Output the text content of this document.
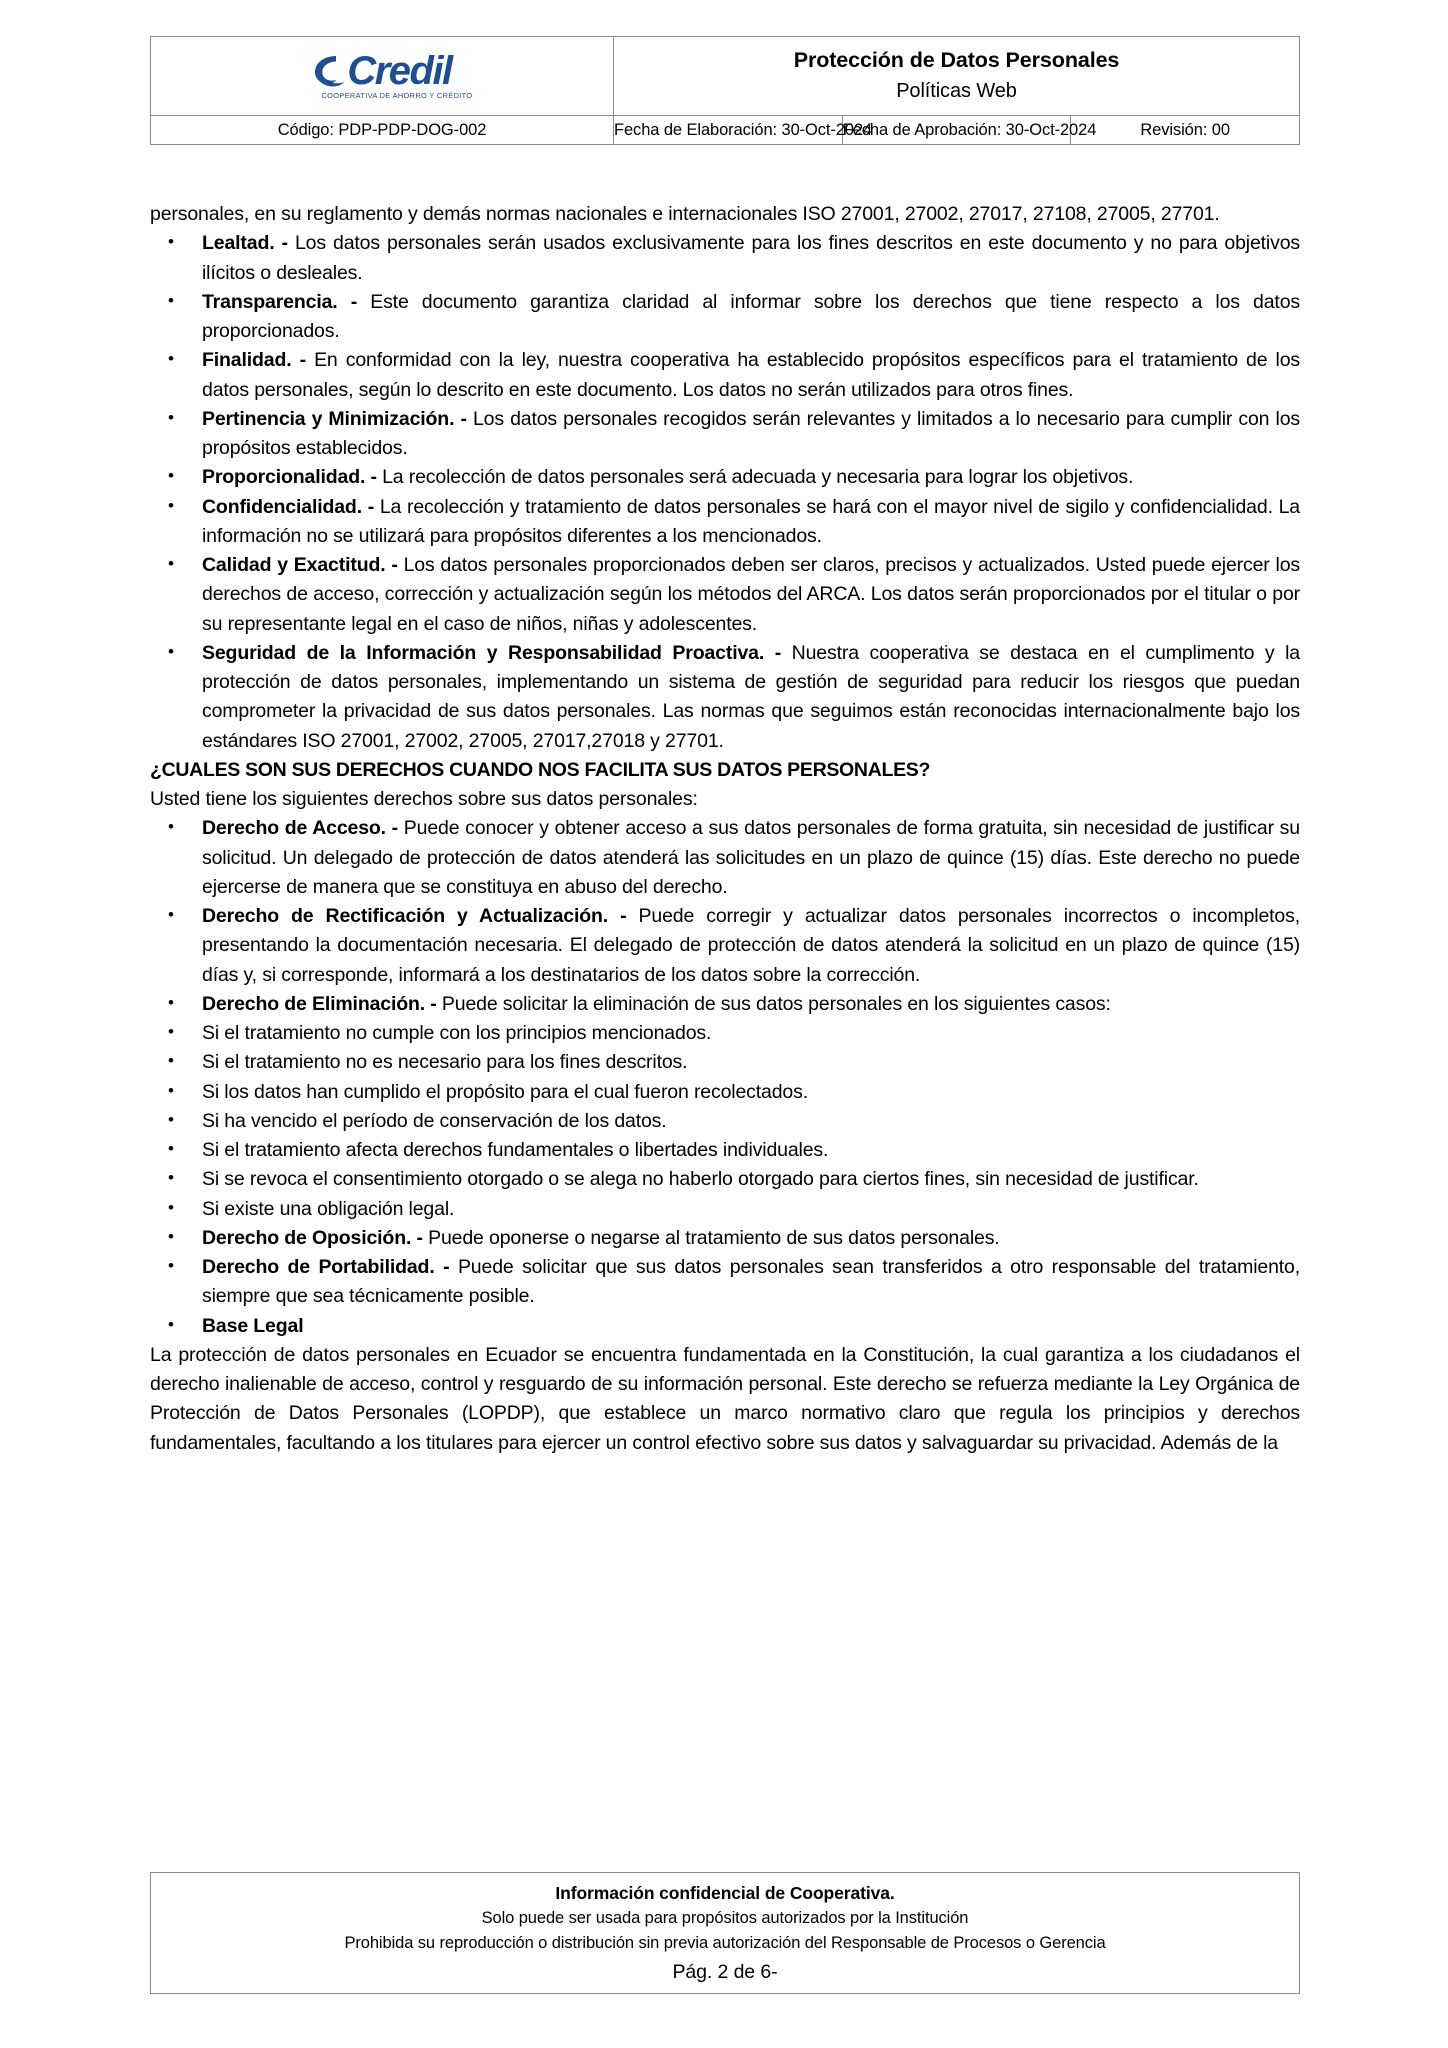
Credil
COOPERATIVA DE AHORRO Y CRÉDITO

Protección de Datos Personales
Políticas Web

Código: PDP-PDP-DOG-002	Fecha de Elaboración: 30-Oct-2024	Fecha de Aprobación: 30-Oct-2024	Revisión: 00

personales, en su reglamento y demás normas nacionales e internacionales ISO 27001, 27002, 27017, 27108, 27005, 27701.

•	Lealtad. - Los datos personales serán usados exclusivamente para los fines descritos en este documento y no para objetivos ilícitos o desleales.
•	Transparencia. - Este documento garantiza claridad al informar sobre los derechos que tiene respecto a los datos proporcionados.
•	Finalidad. - En conformidad con la ley, nuestra cooperativa ha establecido propósitos específicos para el tratamiento de los datos personales, según lo descrito en este documento. Los datos no serán utilizados para otros fines.
•	Pertinencia y Minimización. - Los datos personales recogidos serán relevantes y limitados a lo necesario para cumplir con los propósitos establecidos.
•	Proporcionalidad. - La recolección de datos personales será adecuada y necesaria para lograr los objetivos.
•	Confidencialidad. - La recolección y tratamiento de datos personales se hará con el mayor nivel de sigilo y confidencialidad. La información no se utilizará para propósitos diferentes a los mencionados.
•	Calidad y Exactitud. - Los datos personales proporcionados deben ser claros, precisos y actualizados. Usted puede ejercer los derechos de acceso, corrección y actualización según los métodos del ARCA. Los datos serán proporcionados por el titular o por su representante legal en el caso de niños, niñas y adolescentes.
•	Seguridad de la Información y Responsabilidad Proactiva. - Nuestra cooperativa se destaca en el cumplimento y la protección de datos personales, implementando un sistema de gestión de seguridad para reducir los riesgos que puedan comprometer la privacidad de sus datos personales. Las normas que seguimos están reconocidas internacionalmente bajo los estándares ISO 27001, 27002, 27005, 27017,27018 y 27701.

¿CUALES SON SUS DERECHOS CUANDO NOS FACILITA SUS DATOS PERSONALES?

Usted tiene los siguientes derechos sobre sus datos personales:

•	Derecho de Acceso. - Puede conocer y obtener acceso a sus datos personales de forma gratuita, sin necesidad de justificar su solicitud. Un delegado de protección de datos atenderá las solicitudes en un plazo de quince (15) días. Este derecho no puede ejercerse de manera que se constituya en abuso del derecho.
•	Derecho de Rectificación y Actualización. - Puede corregir y actualizar datos personales incorrectos o incompletos, presentando la documentación necesaria. El delegado de protección de datos atenderá la solicitud en un plazo de quince (15) días y, si corresponde, informará a los destinatarios de los datos sobre la corrección.
•	Derecho de Eliminación. - Puede solicitar la eliminación de sus datos personales en los siguientes casos:
•	Si el tratamiento no cumple con los principios mencionados.
•	Si el tratamiento no es necesario para los fines descritos.
•	Si los datos han cumplido el propósito para el cual fueron recolectados.
•	Si ha vencido el período de conservación de los datos.
•	Si el tratamiento afecta derechos fundamentales o libertades individuales.
•	Si se revoca el consentimiento otorgado o se alega no haberlo otorgado para ciertos fines, sin necesidad de justificar.
•	Si existe una obligación legal.
•	Derecho de Oposición. - Puede oponerse o negarse al tratamiento de sus datos personales.
•	Derecho de Portabilidad. - Puede solicitar que sus datos personales sean transferidos a otro responsable del tratamiento, siempre que sea técnicamente posible.
•	Base Legal

La protección de datos personales en Ecuador se encuentra fundamentada en la Constitución, la cual garantiza a los ciudadanos el derecho inalienable de acceso, control y resguardo de su información personal. Este derecho se refuerza mediante la Ley Orgánica de Protección de Datos Personales (LOPDP), que establece un marco normativo claro que regula los principios y derechos fundamentales, facultando a los titulares para ejercer un control efectivo sobre sus datos y salvaguardar su privacidad. Además de la

Información confidencial de Cooperativa.
Solo puede ser usada para propósitos autorizados por la Institución
Prohibida su reproducción o distribución sin previa autorización del Responsable de Procesos o Gerencia
Pág. 2 de 6-
